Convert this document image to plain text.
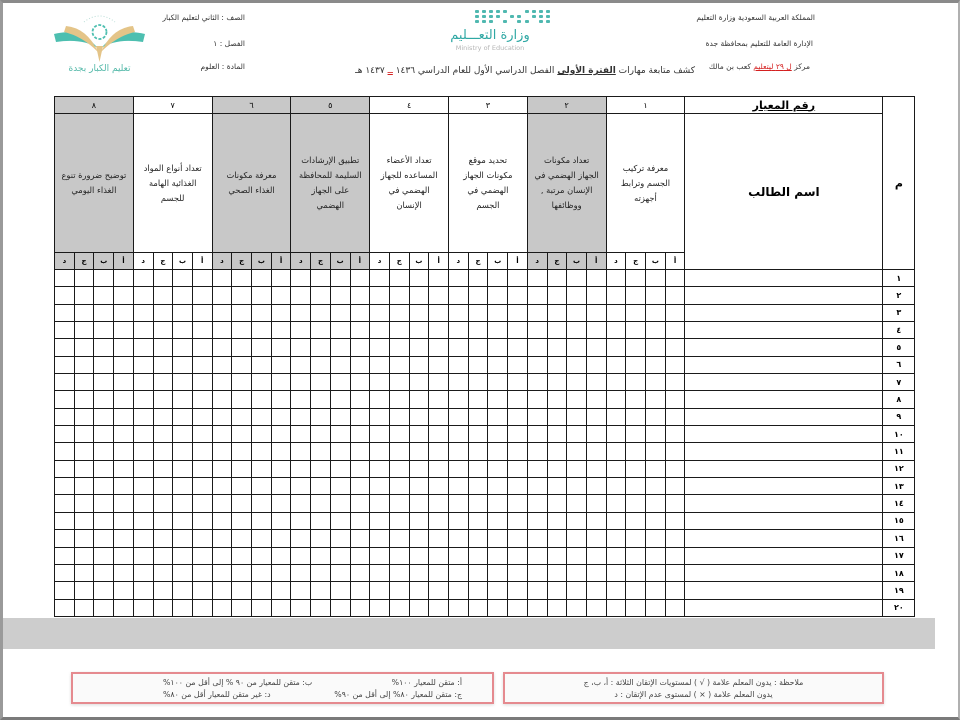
المملكة العربية السعودية وزارة التعليم
الإدارة العامة للتعليم بمحافظة جدة
مركز ل ٢٩ ليتعليم كعب بن مالك
الصف : الثاني لتعليم الكبار
الفصل : ١
المادة : العلوم
وزارة التعـــليم
Ministry of Education
تعليم الكبار بجدة	كشف متابعة مهارات الفترة الأولى الفصل الدراسي الأول للعام الدراسي ١٤٣٦ ــ ١٤٣٧ هـ
م	رقم المعيار	١				٢				٣				٤				٥				٦				٧				٨			
	اسم الطالب	معرفة تركيب الجسم وترابط أجهزته				تعداد مكونات الجهاز الهضمي في الإنسان مرتبة , ووظائفها				تحديد موقع مكونات الجهاز الهضمي في الجسم				تعداد الأعضاء المساعده للجهاز الهضمي في الإنسان				تطبيق الإرشادات السليمة للمحافظة على الجهاز الهضمي				معرفة مكونات الغذاء الصحي				تعداد أنواع المواد الغذائية الهامة للجسم				توضيح ضرورة تنوع الغذاء اليومي			
		أ	ب	ج	د	أ	ب	ج	د	أ	ب	ج	د	أ	ب	ج	د	أ	ب	ج	د	أ	ب	ج	د	أ	ب	ج	د	أ	ب	ج	د
١																																	
٢																																	
٣																																	
٤																																	
٥																																	
٦																																	
٧																																	
٨																																	
٩																																	
١٠																																	
١١																																	
١٢																																	
١٣																																	
١٤																																	
١٥																																	
١٦																																	
١٧																																	
١٨																																	
١٩																																	
٢٠																																	
ملاحظة : يدون المعلم علامة ( √ ) لمستويات الإتقان الثلاثة : أ، ب، ج
يدون المعلم علامة ( × ) لمستوى عدم الإتقان : د
أ: متقن للمعيار ١٠٠%
ب: متقن للمعيار من ٩٠ % إلى أقل من ١٠٠%
ج: متقن للمعيار ٨٠% إلى أقل من ٩٠%
د: غير متقن للمعيار أقل من ٨٠%
